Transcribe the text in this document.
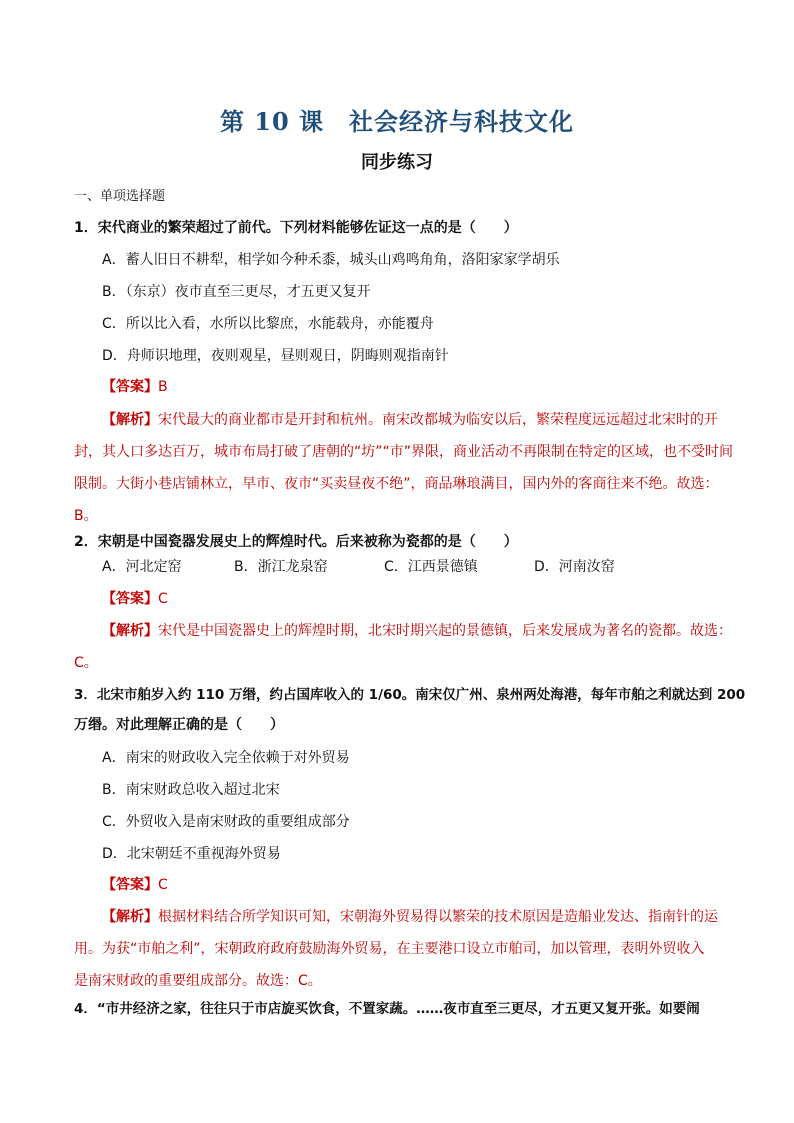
第 10 课　社会经济与科技文化
同步练习
一、单项选择题
1．宋代商业的繁荣超过了前代。下列材料能够佐证这一点的是（　　）
A．蓄人旧日不耕犁，相学如今种禾黍，城头山鸡鸣角角，洛阳家家学胡乐
B．（东京）夜市直至三更尽，才五更又复开
C．所以比入看，水所以比黎庶，水能载舟，亦能覆舟
D．舟师识地理，夜则观星，昼则观日，阴晦则观指南针
【答案】B
【解析】宋代最大的商业都市是开封和杭州。南宋改都城为临安以后，繁荣程度远远超过北宋时的开
封，其人口多达百万，城市布局打破了唐朝的“坊”“市”界限，商业活动不再限制在特定的区域，也不受时间
限制。大街小巷店铺林立，早市、夜市“买卖昼夜不绝”，商品琳琅满目，国内外的客商往来不绝。故选：
B。
2．宋朝是中国瓷器发展史上的辉煌时代。后来被称为瓷都的是（　　）
A．河北定窑	B．浙江龙泉窑	C．江西景德镇	D．河南汝窑
【答案】C
【解析】宋代是中国瓷器史上的辉煌时期，北宋时期兴起的景德镇，后来发展成为著名的瓷都。故选：
C。
3．北宋市舶岁入约 110 万缗，约占国库收入的 1/60。南宋仅广州、泉州两处海港，每年市舶之利就达到 200
万缗。对此理解正确的是（　　）
A．南宋的财政收入完全依赖于对外贸易
B．南宋财政总收入超过北宋
C．外贸收入是南宋财政的重要组成部分
D．北宋朝廷不重视海外贸易
【答案】C
【解析】根据材料结合所学知识可知，宋朝海外贸易得以繁荣的技术原因是造船业发达、指南针的运
用。为获“市舶之利”，宋朝政府政府鼓励海外贸易，在主要港口设立市舶司，加以管理，表明外贸收入
是南宋财政的重要组成部分。故选：C。
4．“市井经济之家，往往只于市店旋买饮食，不置家蔬。……夜市直至三更尽，才五更又复开张。如要闹
